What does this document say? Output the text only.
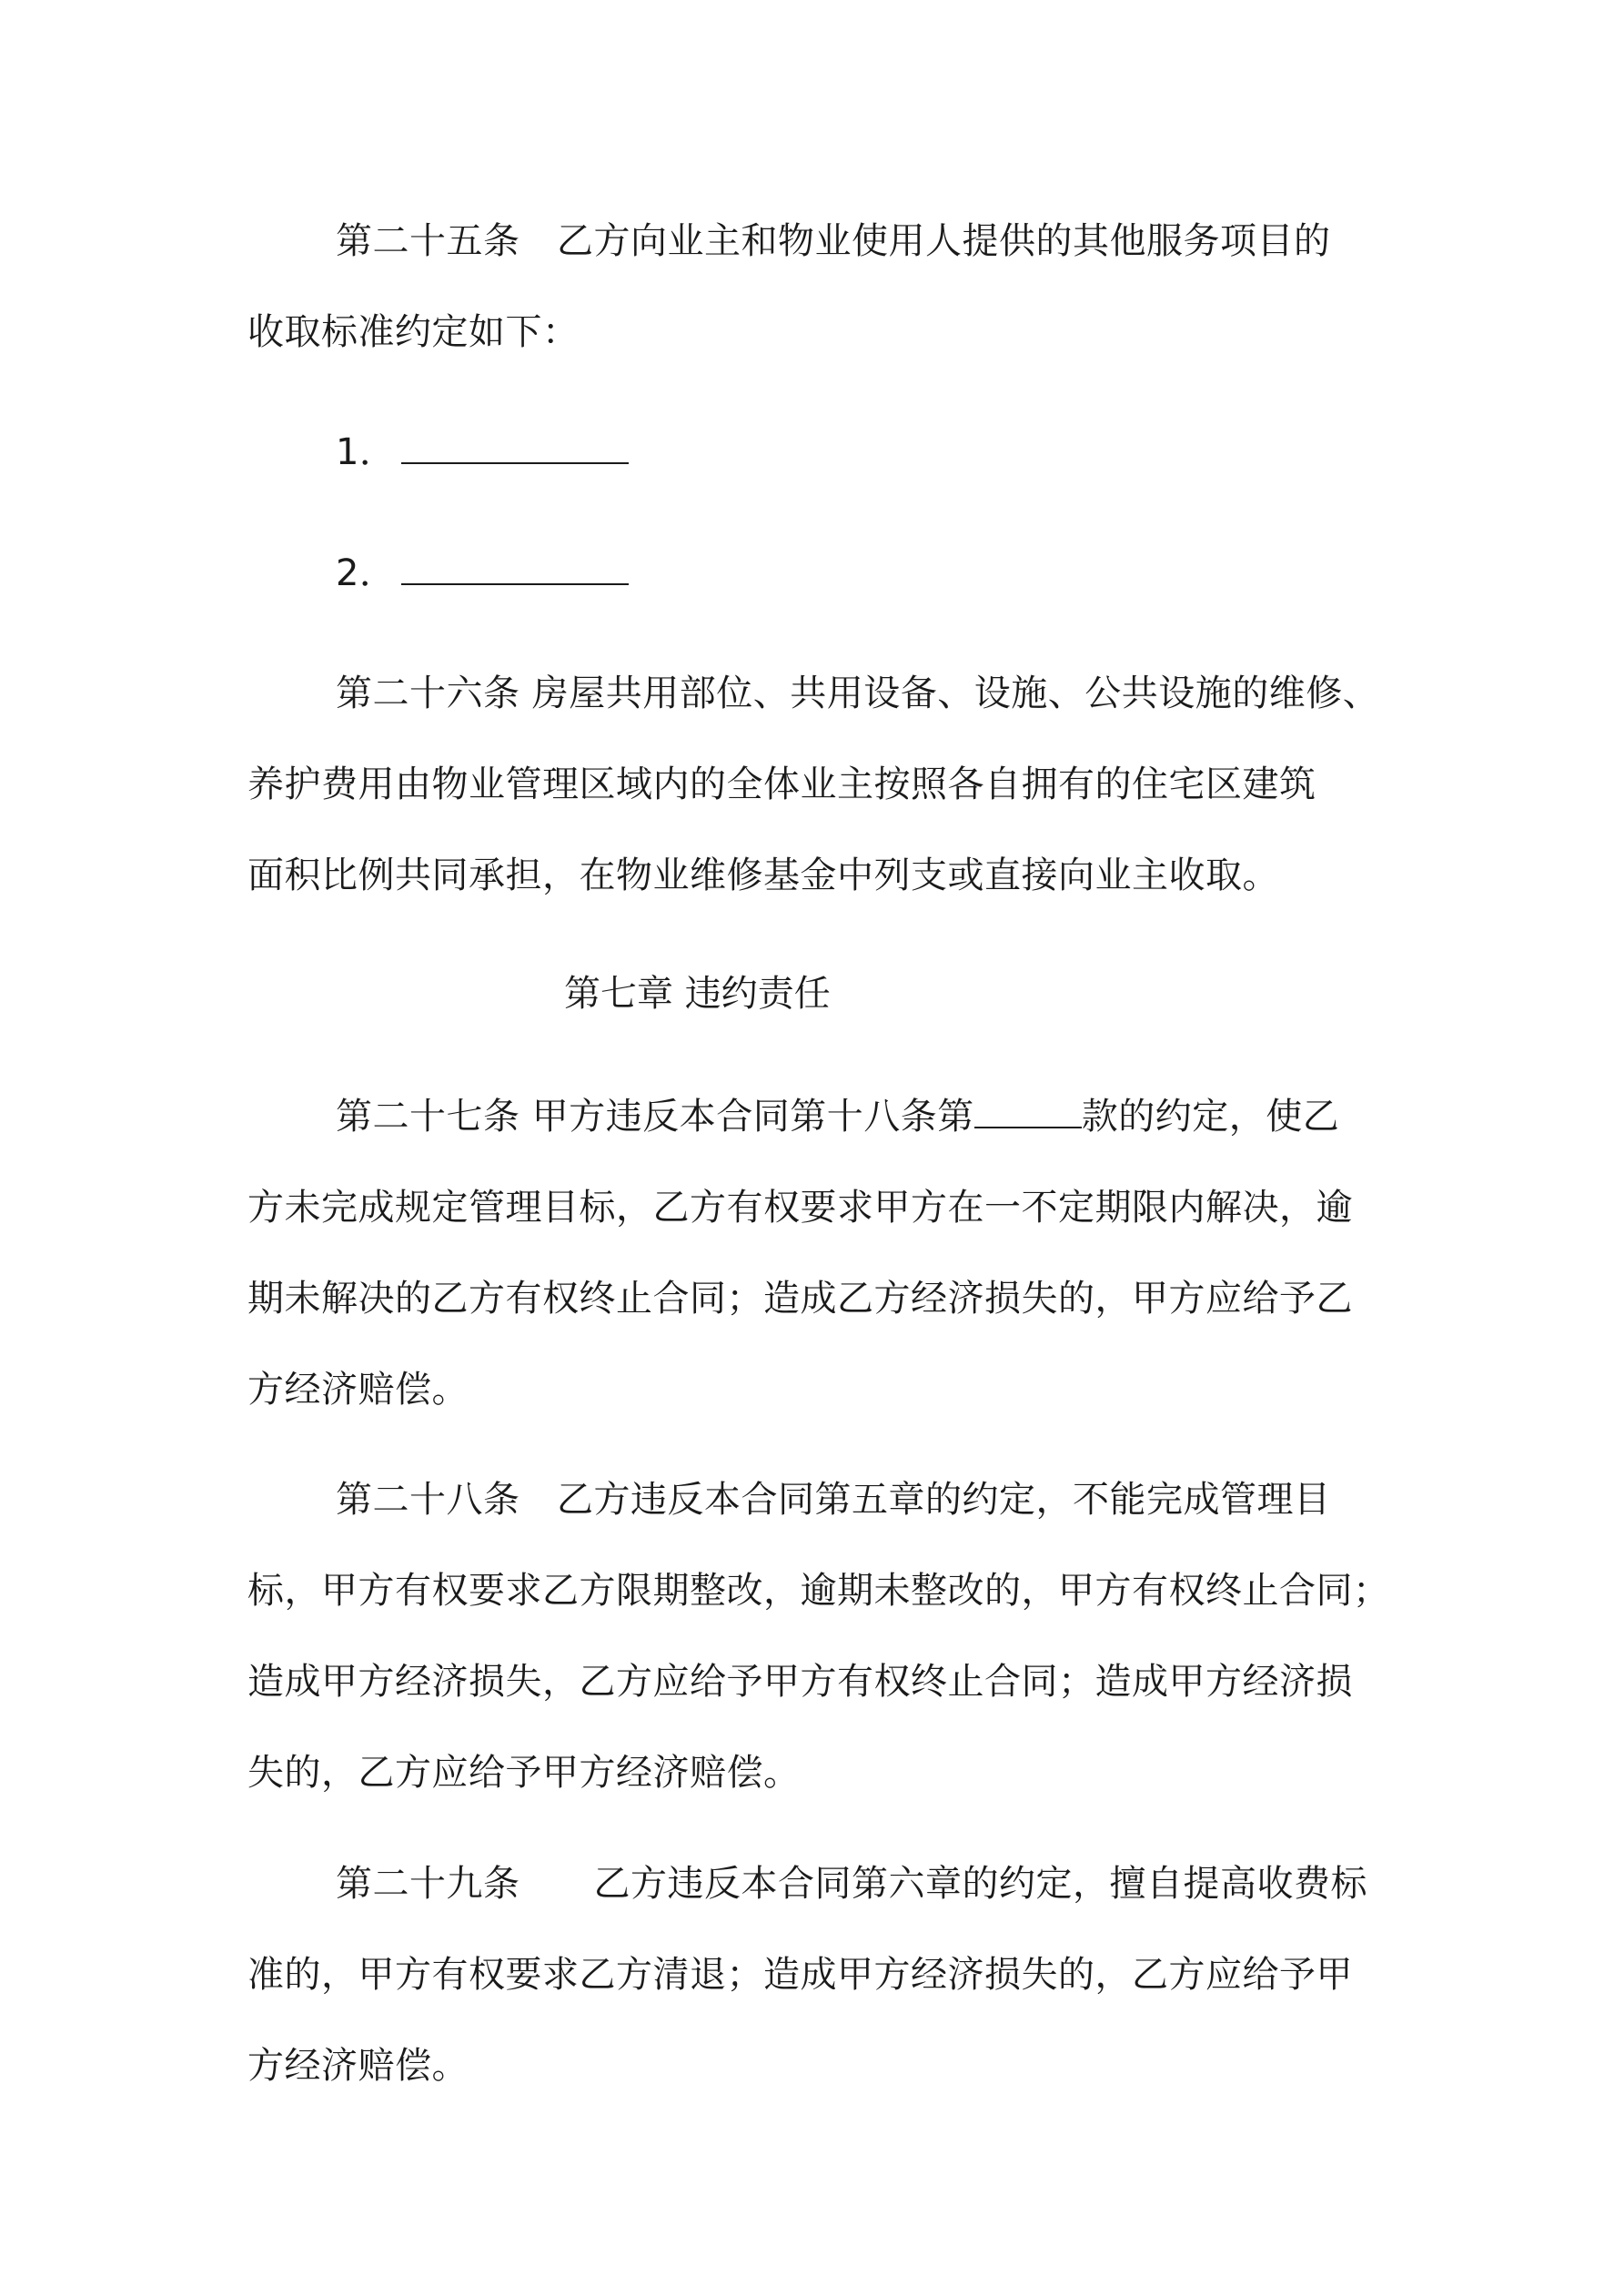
第二十五条　乙方向业主和物业使用人提供的其他服务项目的
收取标准约定如下：
1．
2．
第二十六条 房屋共用部位、共用设备、设施、公共设施的维修、
养护费用由物业管理区域内的全体业主按照各自拥有的住宅区建筑
面积比例共同承担，在物业维修基金中列支或直接向业主收取。
第七章 违约责任
第二十七条 甲方违反本合同第十八条第	款的约定，使乙
方未完成规定管理目标，乙方有权要求甲方在一不定期限内解决，逾
期未解决的乙方有权终止合同；造成乙方经济损失的，甲方应给予乙
方经济赔偿。
第二十八条　乙方违反本合同第五章的约定，不能完成管理目
标，甲方有权要求乙方限期整改，逾期未整改的，甲方有权终止合同；
造成甲方经济损失，乙方应给予甲方有权终止合同；造成甲方经济损
失的，乙方应给予甲方经济赔偿。
第二十九条　　乙方违反本合同第六章的约定，擅自提高收费标
准的，甲方有权要求乙方清退；造成甲方经济损失的，乙方应给予甲
方经济赔偿。
